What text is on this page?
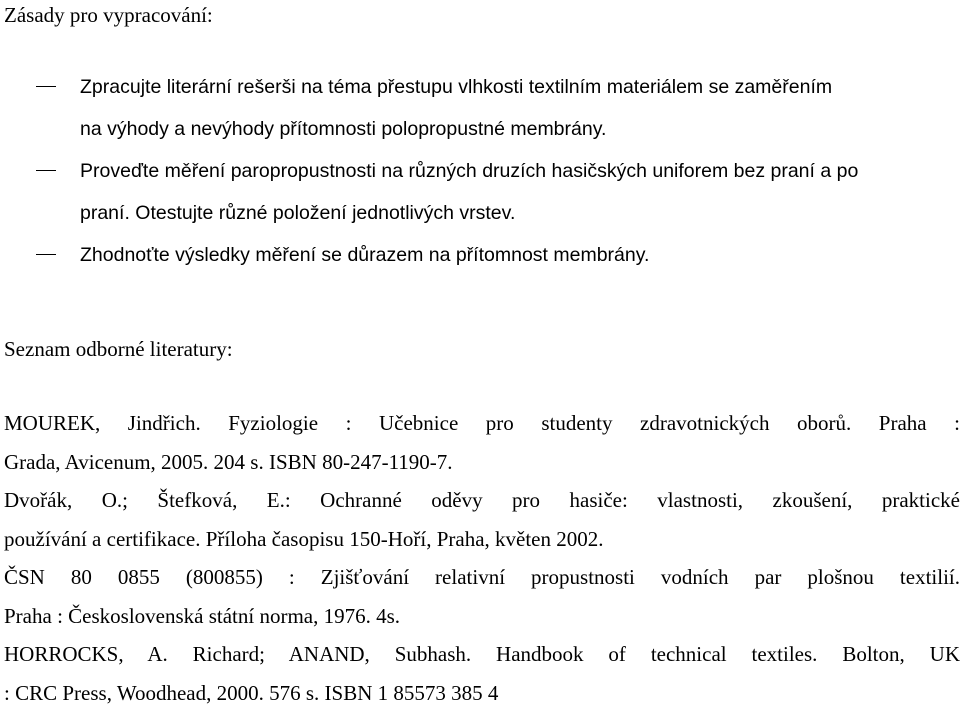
Zásady pro vypracování:
Zpracujte literární rešerši na téma přestupu vlhkosti textilním materiálem se zaměřením
na výhody a nevýhody přítomnosti polopropustné membrány.
Proveďte měření paropropustnosti na různých druzích hasičských uniforem bez praní a po
praní. Otestujte různé položení jednotlivých vrstev.
Zhodnoťte výsledky měření se důrazem na přítomnost membrány.
Seznam odborné literatury:
MOUREK, Jindřich. Fyziologie : Učebnice pro studenty zdravotnických oborů. Praha :
Grada, Avicenum, 2005. 204 s. ISBN 80-247-1190-7.
Dvořák, O.; Štefková, E.: Ochranné oděvy pro hasiče: vlastnosti, zkoušení, praktické
používání a certifikace. Příloha časopisu 150-Hoří, Praha, květen 2002.
ČSN 80 0855 (800855) : Zjišťování relativní propustnosti vodních par plošnou textilií.
Praha : Československá státní norma, 1976. 4s.
HORROCKS, A. Richard; ANAND, Subhash. Handbook of technical textiles. Bolton, UK
: CRC Press, Woodhead, 2000. 576 s. ISBN 1 85573 385 4
